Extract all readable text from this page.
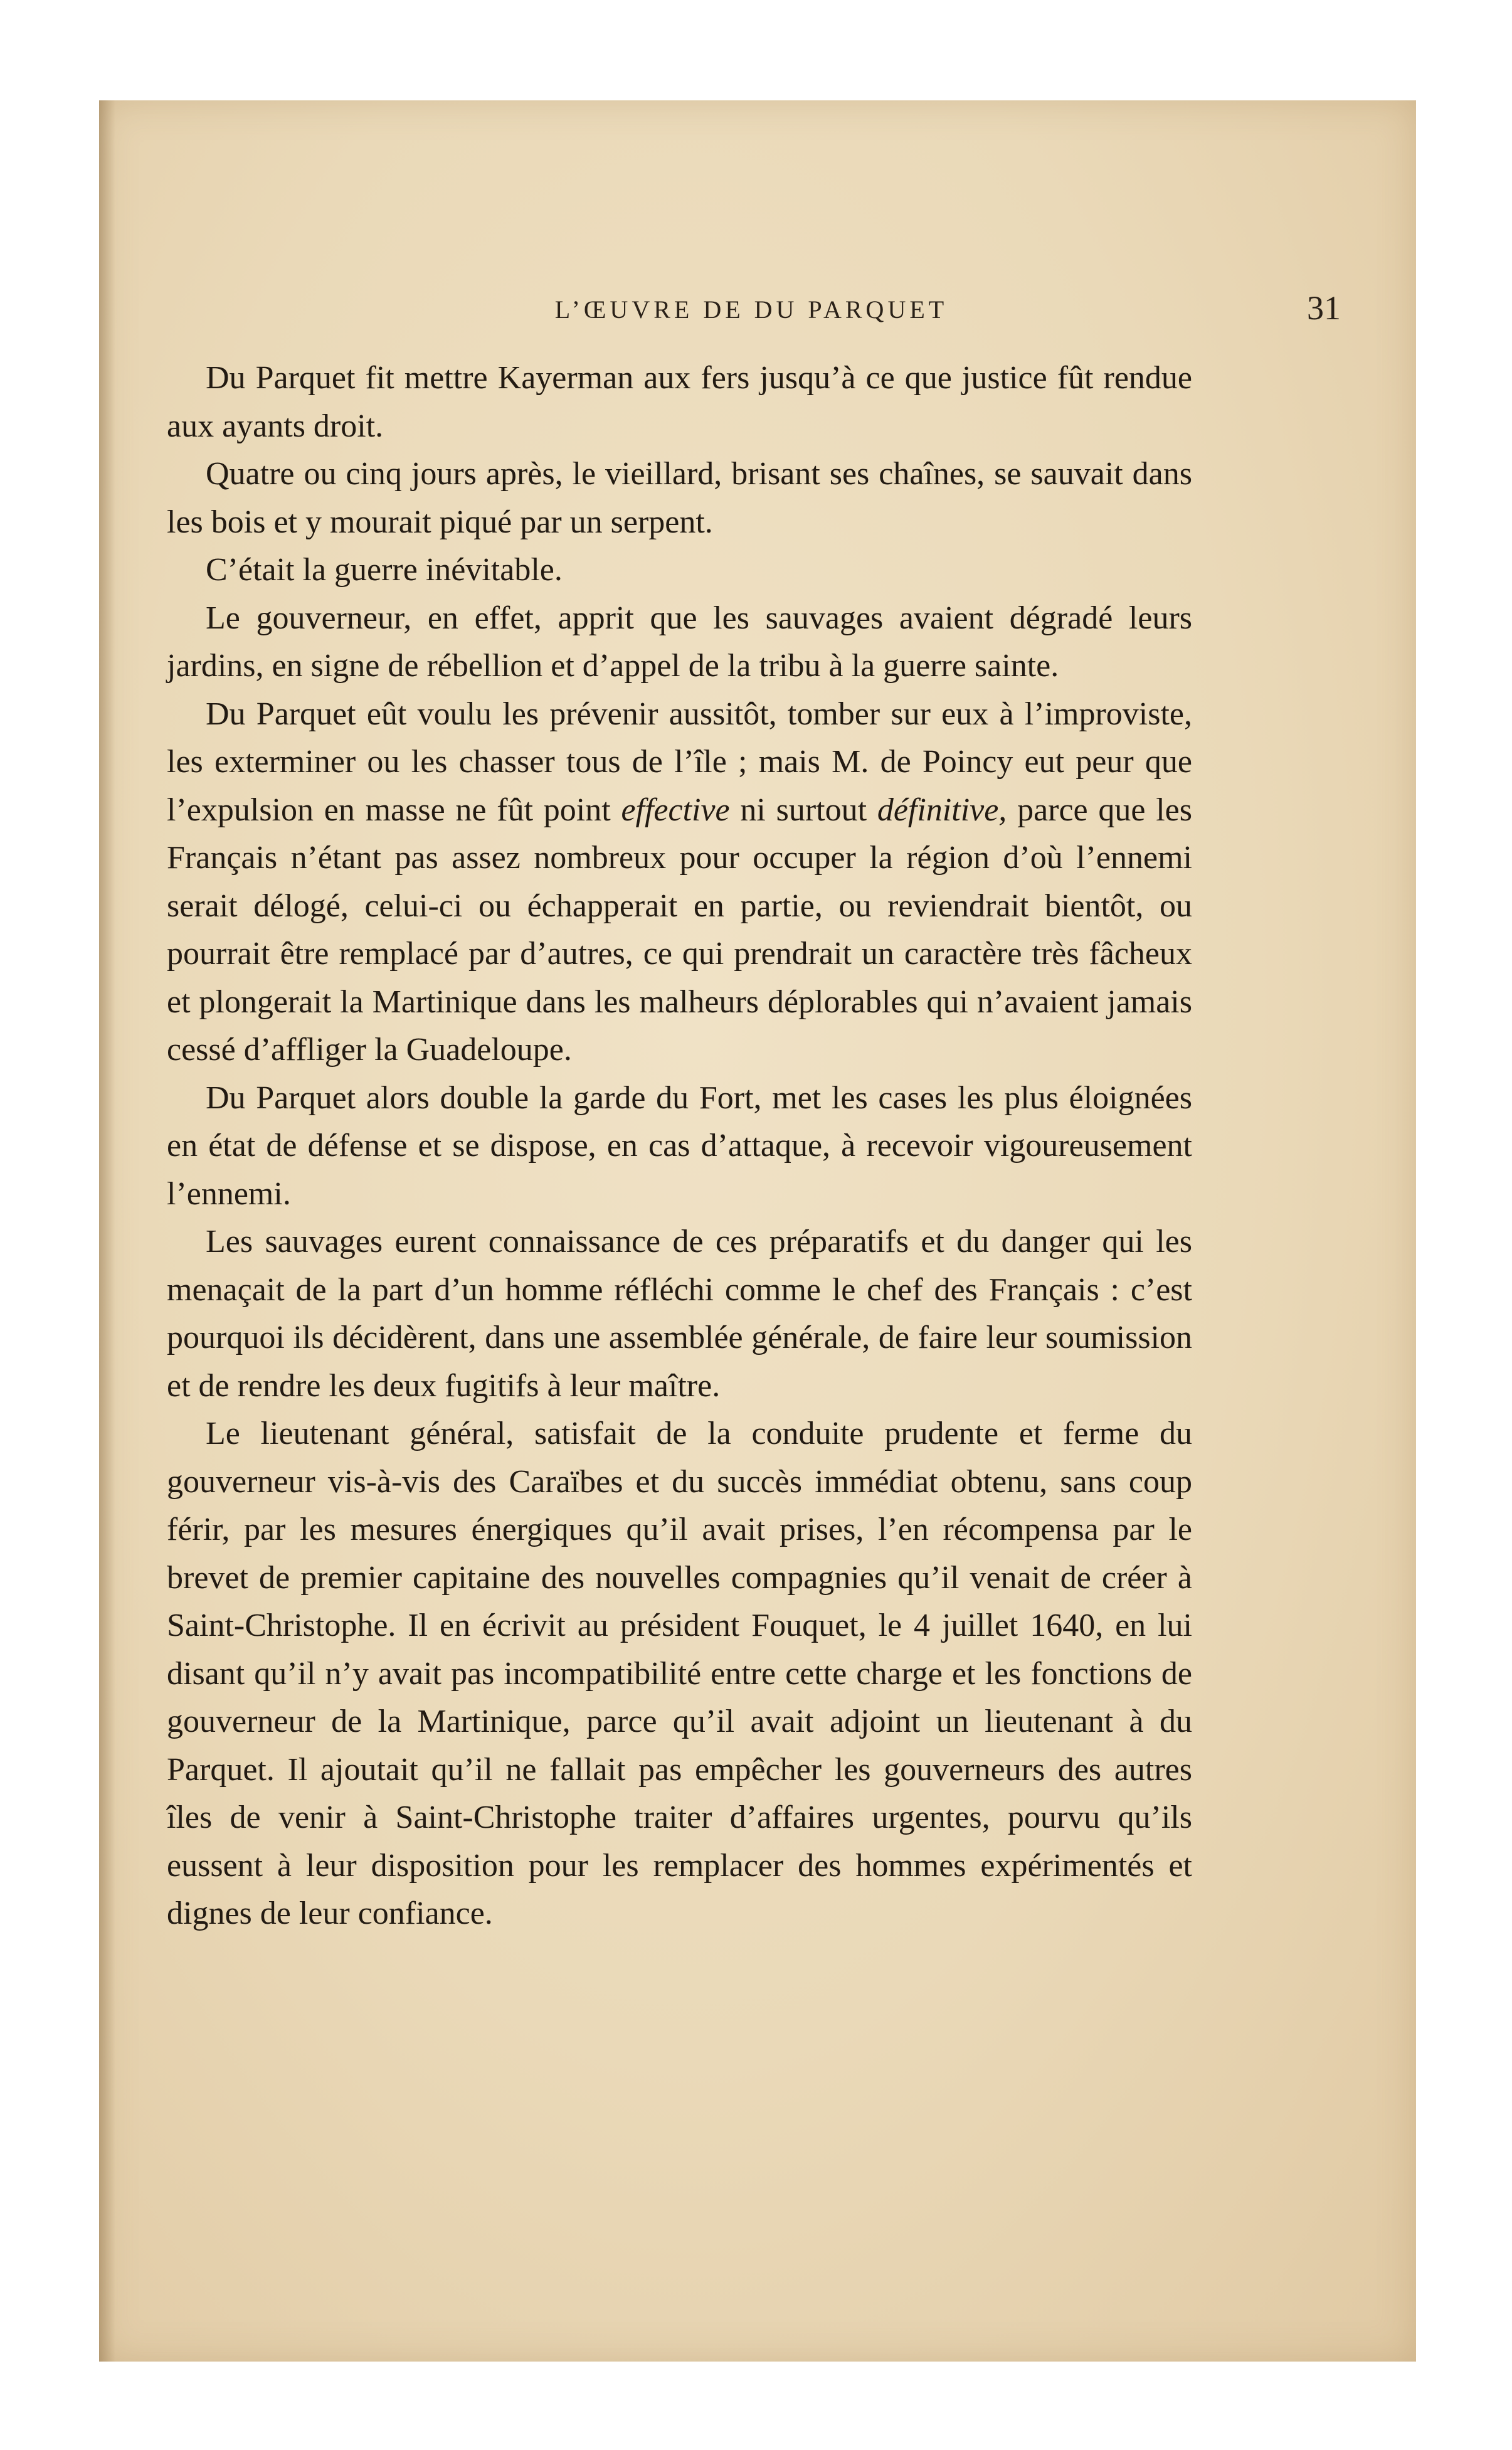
L’ŒUVRE DE DU PARQUET	31

Du Parquet fit mettre Kayerman aux fers jusqu’à ce que justice fût rendue aux ayants droit.

Quatre ou cinq jours après, le vieillard, brisant ses chaînes, se sauvait dans les bois et y mourait piqué par un serpent.

C’était la guerre inévitable.

Le gouverneur, en effet, apprit que les sauvages avaient dégradé leurs jardins, en signe de rébellion et d’appel de la tribu à la guerre sainte.

Du Parquet eût voulu les prévenir aussitôt, tomber sur eux à l’improviste, les exterminer ou les chasser tous de l’île ; mais M. de Poincy eut peur que l’expulsion en masse ne fût point effective ni surtout définitive, parce que les Français n’étant pas assez nombreux pour occuper la région d’où l’ennemi serait délogé, celui-ci ou échapperait en partie, ou reviendrait bientôt, ou pourrait être remplacé par d’autres, ce qui prendrait un caractère très fâcheux et plongerait la Martinique dans les malheurs déplorables qui n’avaient jamais cessé d’affliger la Guadeloupe.

Du Parquet alors double la garde du Fort, met les cases les plus éloignées en état de défense et se dispose, en cas d’attaque, à recevoir vigoureusement l’ennemi.

Les sauvages eurent connaissance de ces préparatifs et du danger qui les menaçait de la part d’un homme réfléchi comme le chef des Français : c’est pourquoi ils décidèrent, dans une assemblée générale, de faire leur soumission et de rendre les deux fugitifs à leur maître.

Le lieutenant général, satisfait de la conduite prudente et ferme du gouverneur vis-à-vis des Caraïbes et du succès immédiat obtenu, sans coup férir, par les mesures énergiques qu’il avait prises, l’en récompensa par le brevet de premier capitaine des nouvelles compagnies qu’il venait de créer à Saint-Christophe. Il en écrivit au président Fouquet, le 4 juillet 1640, en lui disant qu’il n’y avait pas incompatibilité entre cette charge et les fonctions de gouverneur de la Martinique, parce qu’il avait adjoint un lieutenant à du Parquet. Il ajoutait qu’il ne fallait pas empêcher les gouverneurs des autres îles de venir à Saint-Christophe traiter d’affaires urgentes, pourvu qu’ils eussent à leur disposition pour les remplacer des hommes expérimentés et dignes de leur confiance.
